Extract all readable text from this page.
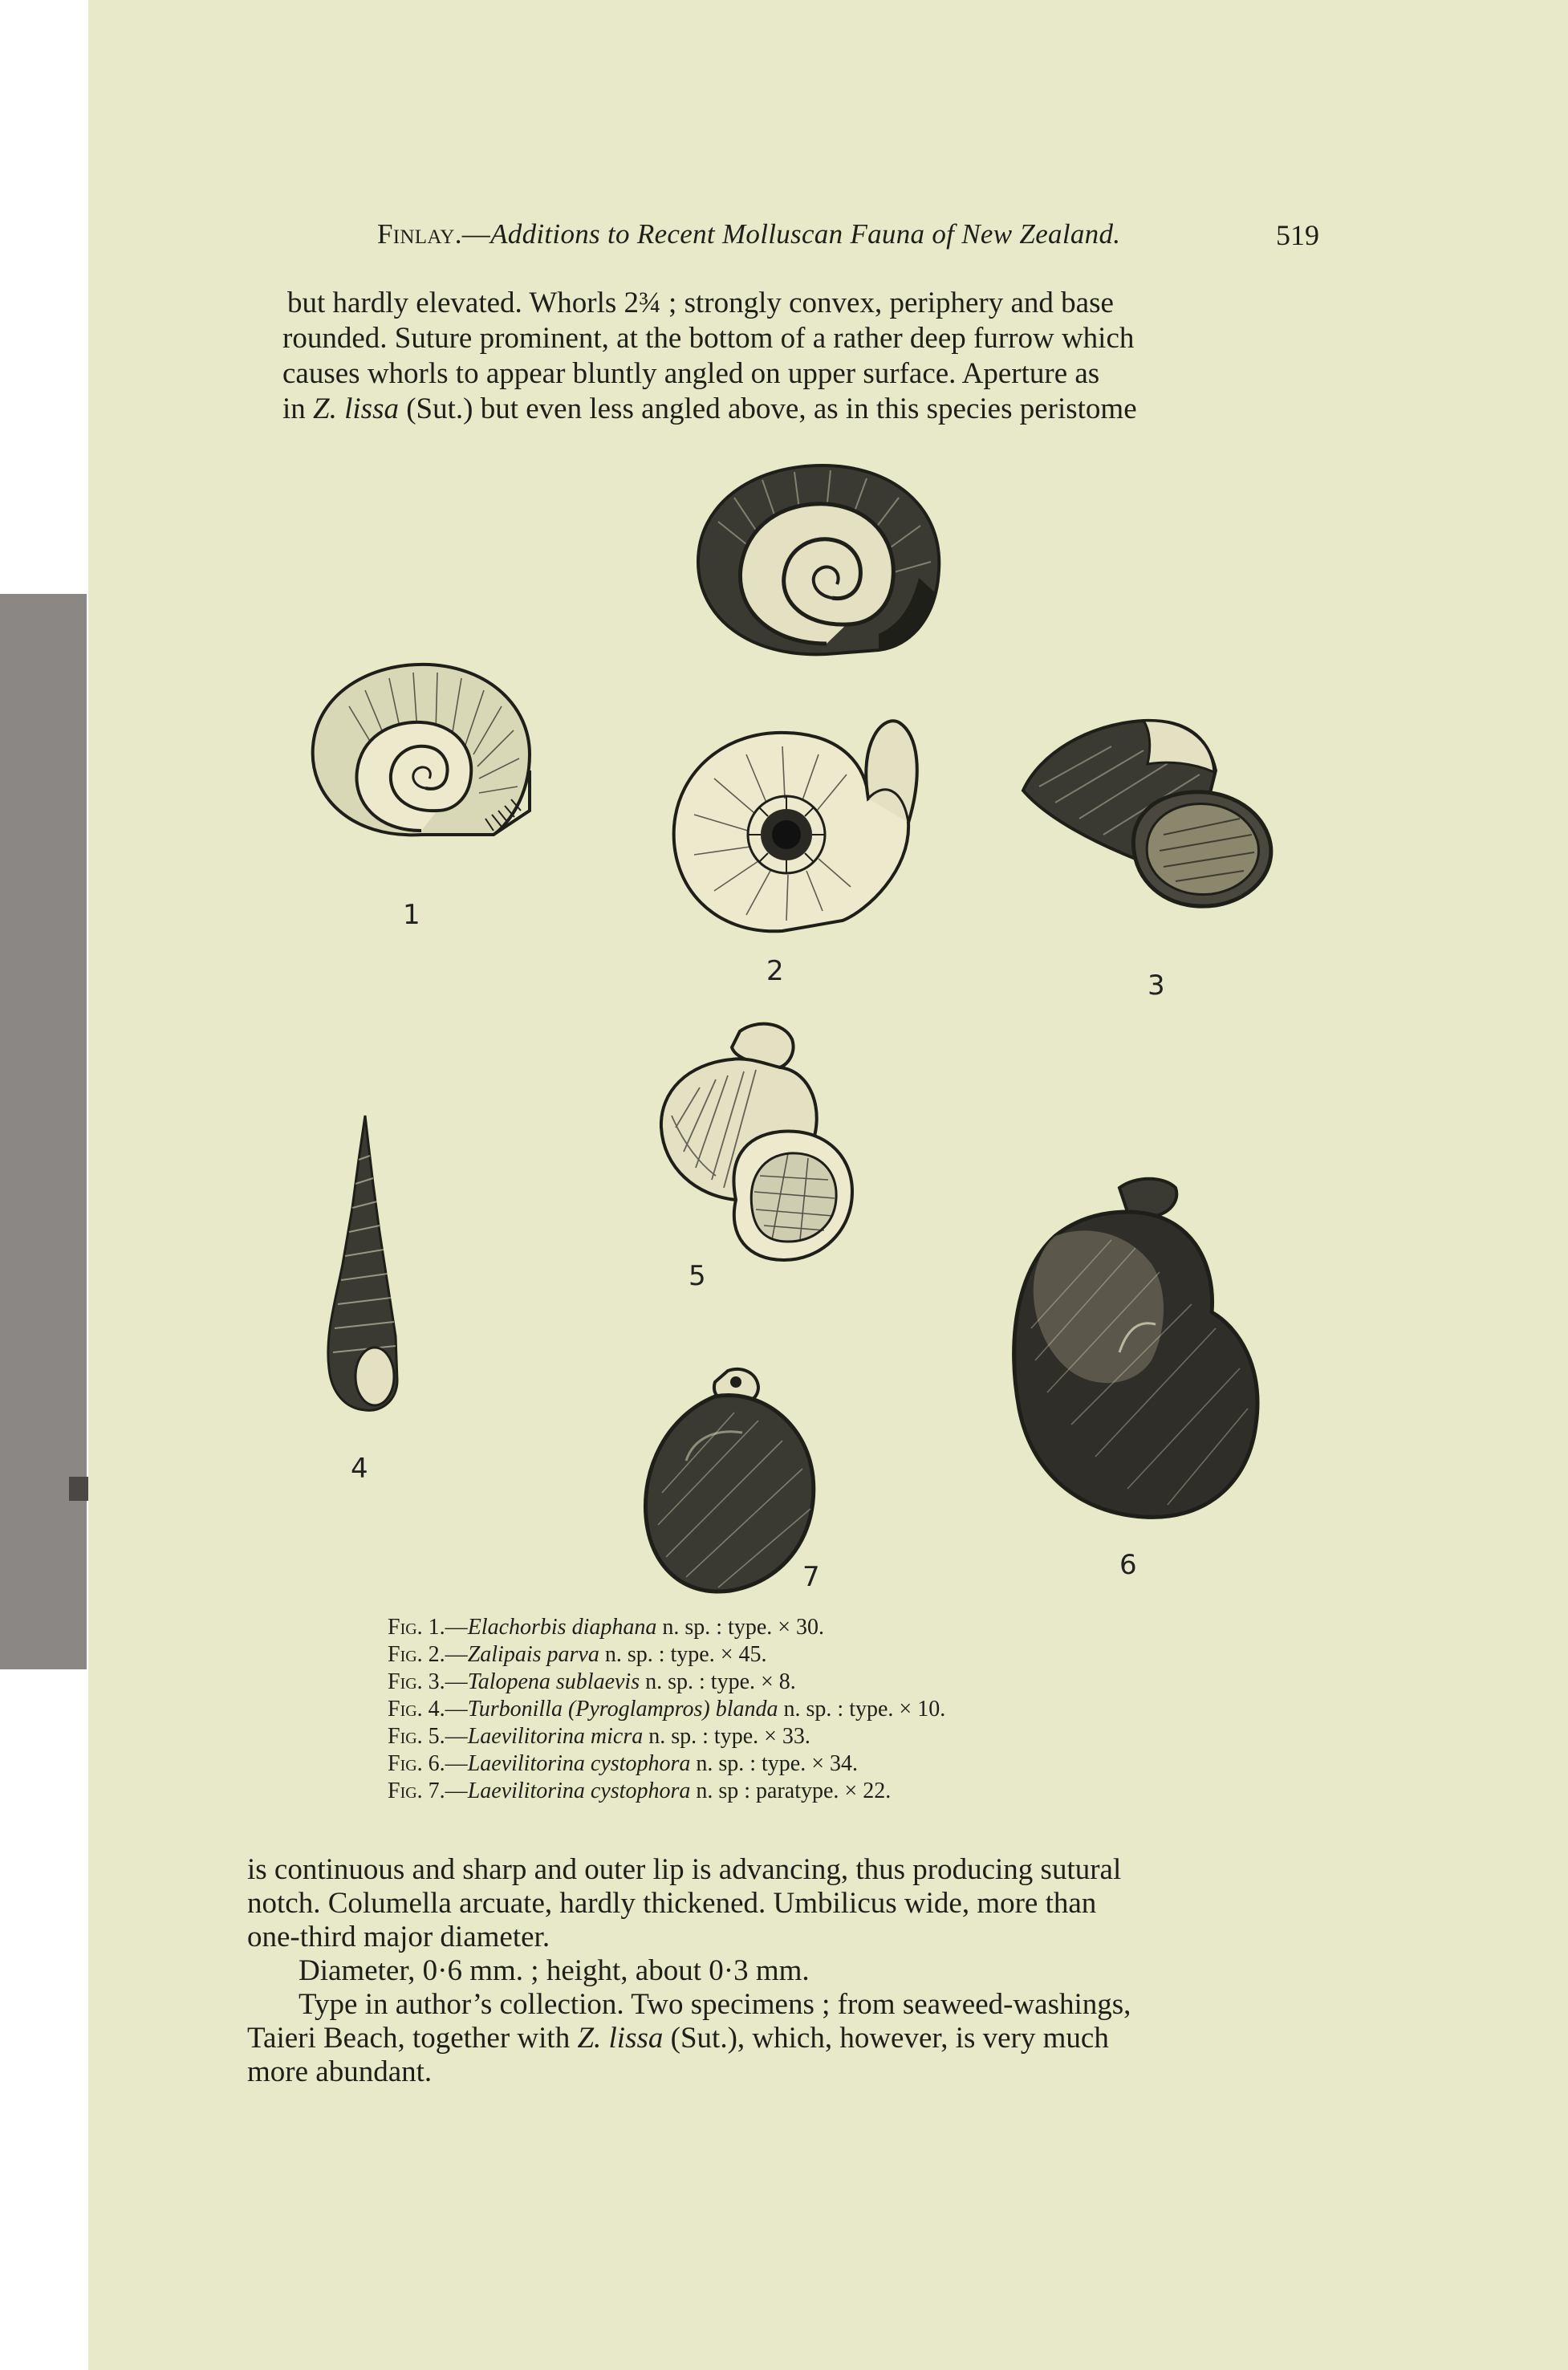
Finlay.—Additions to Recent Molluscan Fauna of New Zealand.	519
but hardly elevated. Whorls 2¾ ; strongly convex, periphery and base
rounded. Suture prominent, at the bottom of a rather deep furrow which
causes whorls to appear bluntly angled on upper surface. Aperture as
in Z. lissa (Sut.) but even less angled above, as in this species peristome
1
2	3
4
5
6
7
Fig. 1.—Elachorbis diaphana n. sp. : type. × 30.
Fig. 2.—Zalipais parva n. sp. : type. × 45.
Fig. 3.—Talopena sublaevis n. sp. : type. × 8.
Fig. 4.—Turbonilla (Pyroglampros) blanda n. sp. : type. × 10.
Fig. 5.—Laevilitorina micra n. sp. : type. × 33.
Fig. 6.—Laevilitorina cystophora n. sp. : type. × 34.
Fig. 7.—Laevilitorina cystophora n. sp : paratype. × 22.
is continuous and sharp and outer lip is advancing, thus producing sutural
notch. Columella arcuate, hardly thickened. Umbilicus wide, more than
one-third major diameter.
Diameter, 0·6 mm. ; height, about 0·3 mm.
Type in author’s collection. Two specimens ; from seaweed-washings,
Taieri Beach, together with Z. lissa (Sut.), which, however, is very much
more abundant.
